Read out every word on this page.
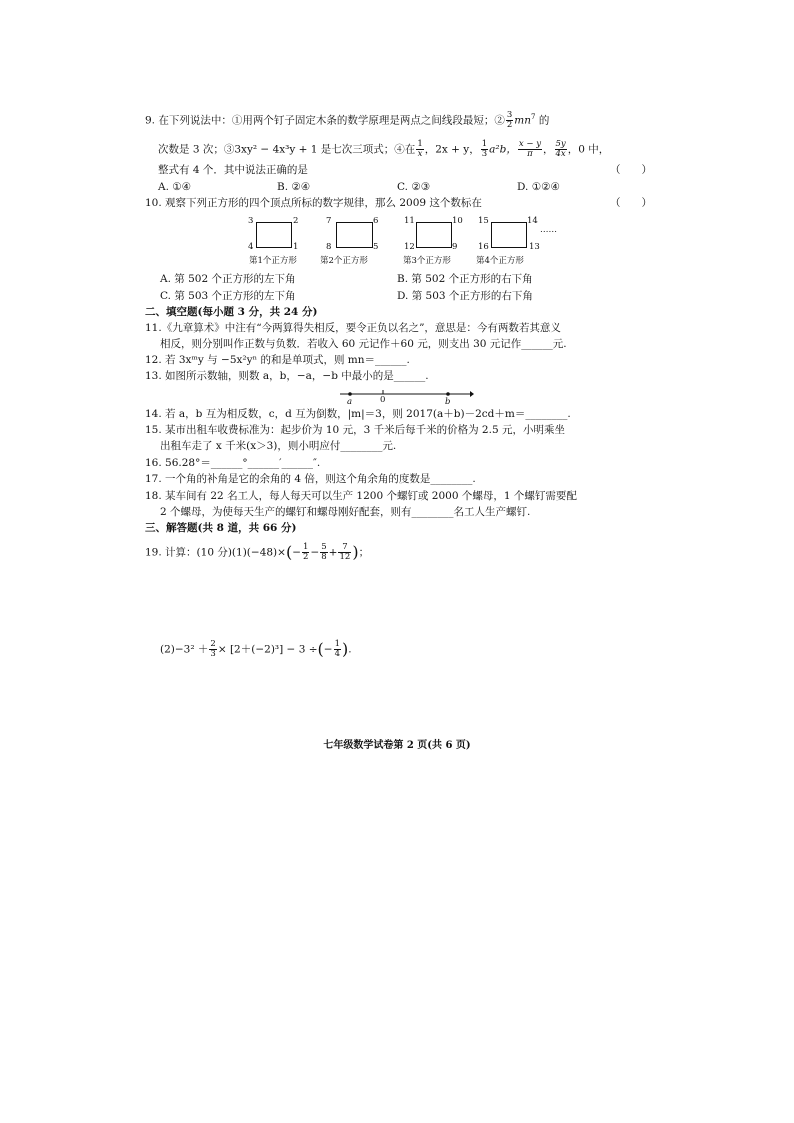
9. 在下列说法中：①用两个钉子固定木条的数学原理是两点之间线段最短；② $\frac{3}{2} mn^7$ 的
次数是 3 次；③3xy² − 4x³y + 1 是七次三项式；④在 $\frac{1}{x}$ ，2x + y， $\frac{1}{3} a^2b$， $\frac{x - y}{\pi}$ ， $\frac{5y}{4x}$ ，0 中，
整式有 4 个．其中说法正确的是	（　　）
A. ①④	B. ②④	C. ②③	D. ①②④
10. 观察下列正方形的四个顶点所标的数字规律，那么 2009 这个数标在	（　　）
3	2
4	1
第1个正方形
7	6
8	5
第2个正方形
11	10
12	9
第3个正方形
15	14
16	13
第4个正方形
……
A. 第 502 个正方形的左下角	B. 第 502 个正方形的右下角
C. 第 503 个正方形的左下角	D. 第 503 个正方形的右下角
二、填空题(每小题 3 分，共 24 分)
11.《九章算术》中注有“今两算得失相反，要令正负以名之”，意思是：今有两数若其意义
相反，则分别叫作正数与负数．若收入 60 元记作＋60 元，则支出 30 元记作______元.
12. 若 3xᵐy 与 −5x²yⁿ 的和是单项式，则 mn＝______.
13. 如图所示数轴，则数 a，b，−a，−b 中最小的是______.
a	0	b
14. 若 a，b 互为相反数，c，d 互为倒数，|m|＝3，则 2017(a＋b)－2cd＋m＝________.
15. 某市出租车收费标准为：起步价为 10 元，3 千米后每千米的价格为 2.5 元，小明乘坐
出租车走了 x 千米(x＞3)，则小明应付________元.
16. 56.28°＝______°______′______″.
17. 一个角的补角是它的余角的 4 倍，则这个角余角的度数是________.
18. 某车间有 22 名工人，每人每天可以生产 1200 个螺钉或 2000 个螺母，1 个螺钉需要配
2 个螺母，为使每天生产的螺钉和螺母刚好配套，则有________名工人生产螺钉.
三、解答题(共 8 道，共 66 分)
19. 计算：(10 分)$(1)(-48)\times(- \frac{1}{2} - \frac{5}{8} + \frac{7}{12}$ )；
$(2)-3^2 + \frac{2}{3} \times [2+(-2)^3] - 3$ ÷(− $\frac{1}{4}$ ).
七年级数学试卷第 2 页(共 6 页)
